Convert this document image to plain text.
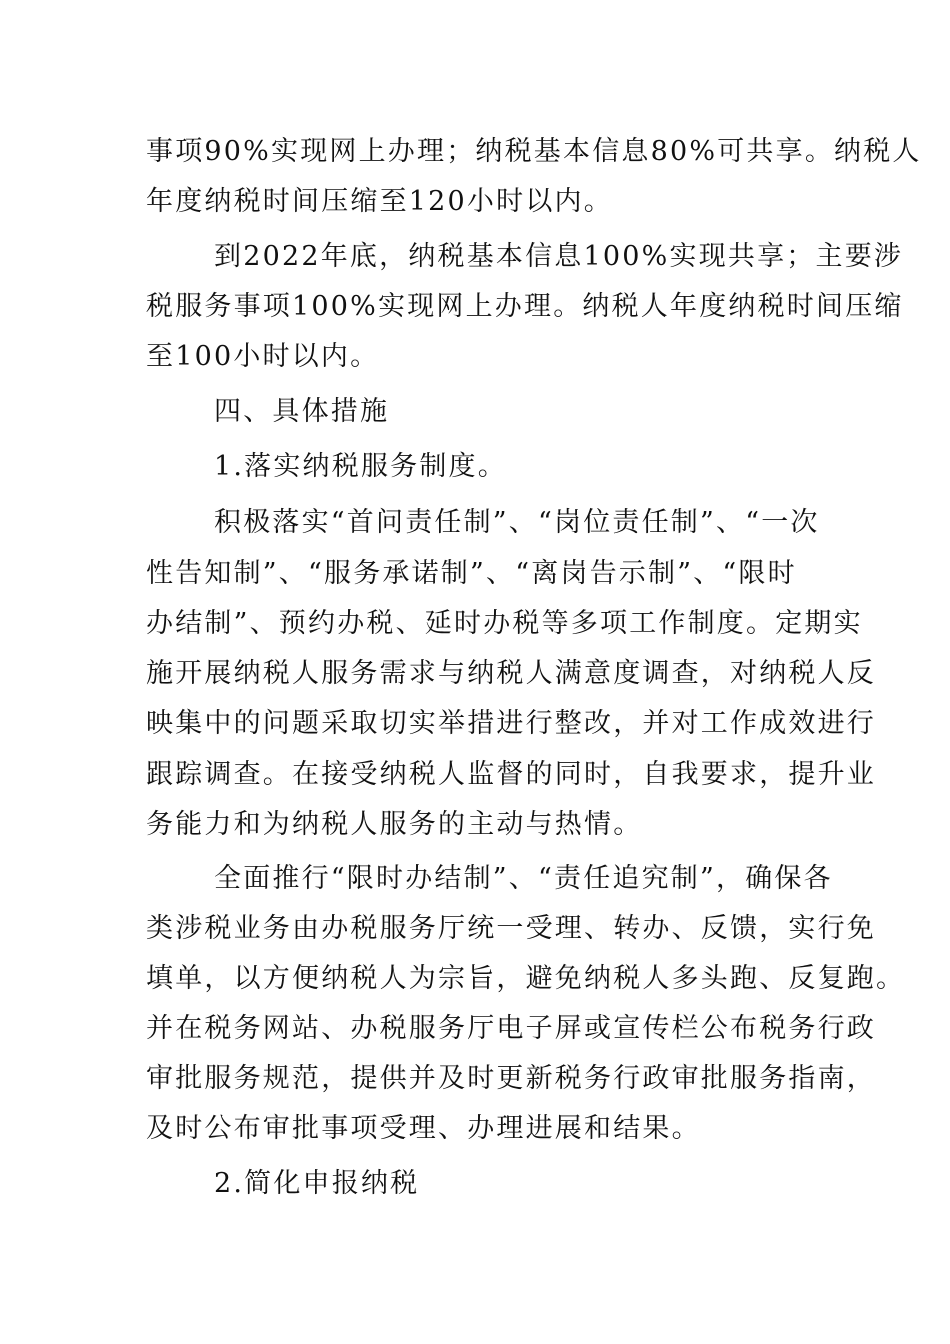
事项90%实现网上办理；纳税基本信息80%可共享。纳税人
年度纳税时间压缩至120小时以内。
到2022年底，纳税基本信息100%实现共享；主要涉
税服务事项100%实现网上办理。纳税人年度纳税时间压缩
至100小时以内。
四、具体措施
1.落实纳税服务制度。
积极落实“首问责任制”、“岗位责任制”、“一次
性告知制”、“服务承诺制”、“离岗告示制”、“限时
办结制”、预约办税、延时办税等多项工作制度。定期实
施开展纳税人服务需求与纳税人满意度调查，对纳税人反
映集中的问题采取切实举措进行整改，并对工作成效进行
跟踪调查。在接受纳税人监督的同时，自我要求，提升业
务能力和为纳税人服务的主动与热情。
全面推行“限时办结制”、“责任追究制”，确保各
类涉税业务由办税服务厅统一受理、转办、反馈，实行免
填单，以方便纳税人为宗旨，避免纳税人多头跑、反复跑。
并在税务网站、办税服务厅电子屏或宣传栏公布税务行政
审批服务规范，提供并及时更新税务行政审批服务指南，
及时公布审批事项受理、办理进展和结果。
2.简化申报纳税
